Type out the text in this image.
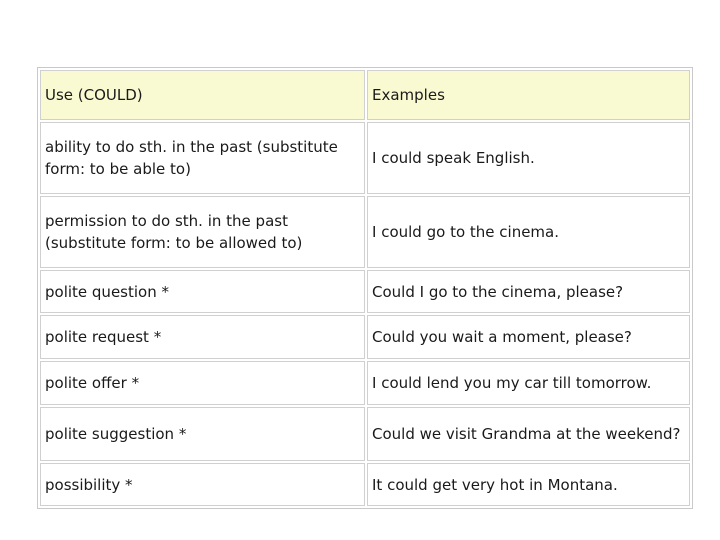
Use (COULD)	Examples
ability to do sth. in the past (substitute form: to be able to)	I could speak English.
permission to do sth. in the past (substitute form: to be allowed to)	I could go to the cinema.
polite question *	Could I go to the cinema, please?
polite request *	Could you wait a moment, please?
polite offer *	I could lend you my car till tomorrow.
polite suggestion *	Could we visit Grandma at the weekend?
possibility *	It could get very hot in Montana.
